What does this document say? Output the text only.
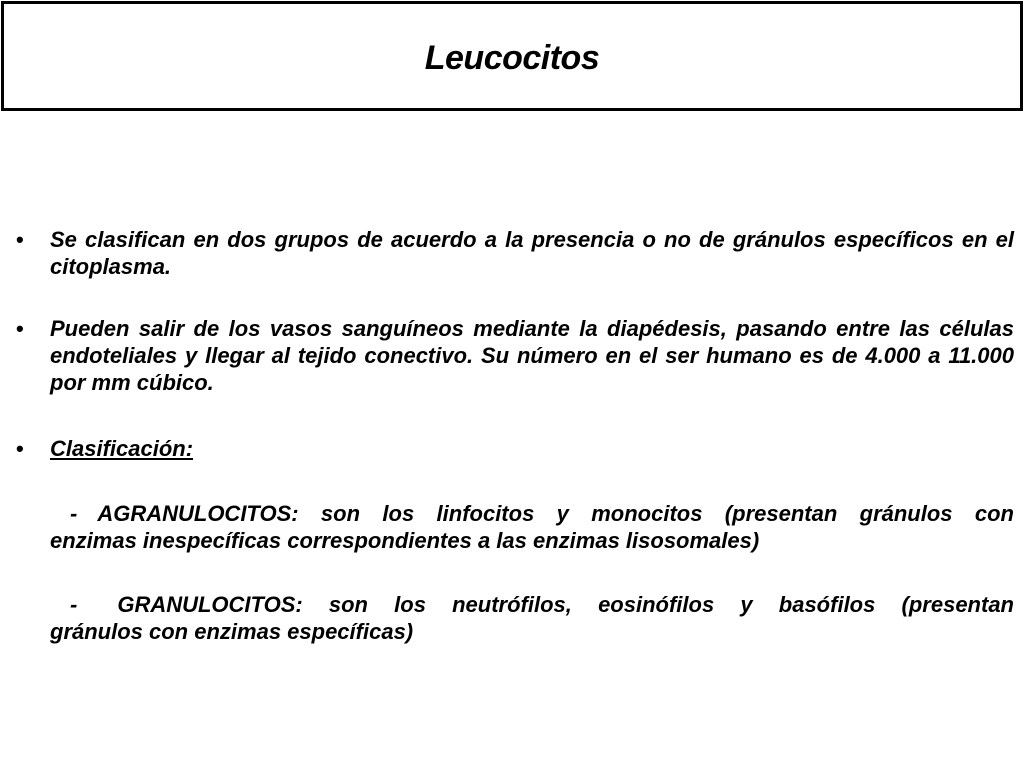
Leucocitos
•	Se clasifican en dos grupos de acuerdo a la presencia o no de gránulos específicos en el citoplasma.
•	Pueden salir de los vasos sanguíneos mediante la diapédesis, pasando entre las células endoteliales y llegar al tejido conectivo. Su número en el ser humano es de 4.000 a 11.000 por mm cúbico.
•	Clasificación:
- AGRANULOCITOS: son los linfocitos y monocitos (presentan gránulos con
enzimas inespecíficas correspondientes a las enzimas lisosomales)
- GRANULOCITOS: son los neutrófilos, eosinófilos y basófilos (presentan
gránulos con enzimas específicas)
